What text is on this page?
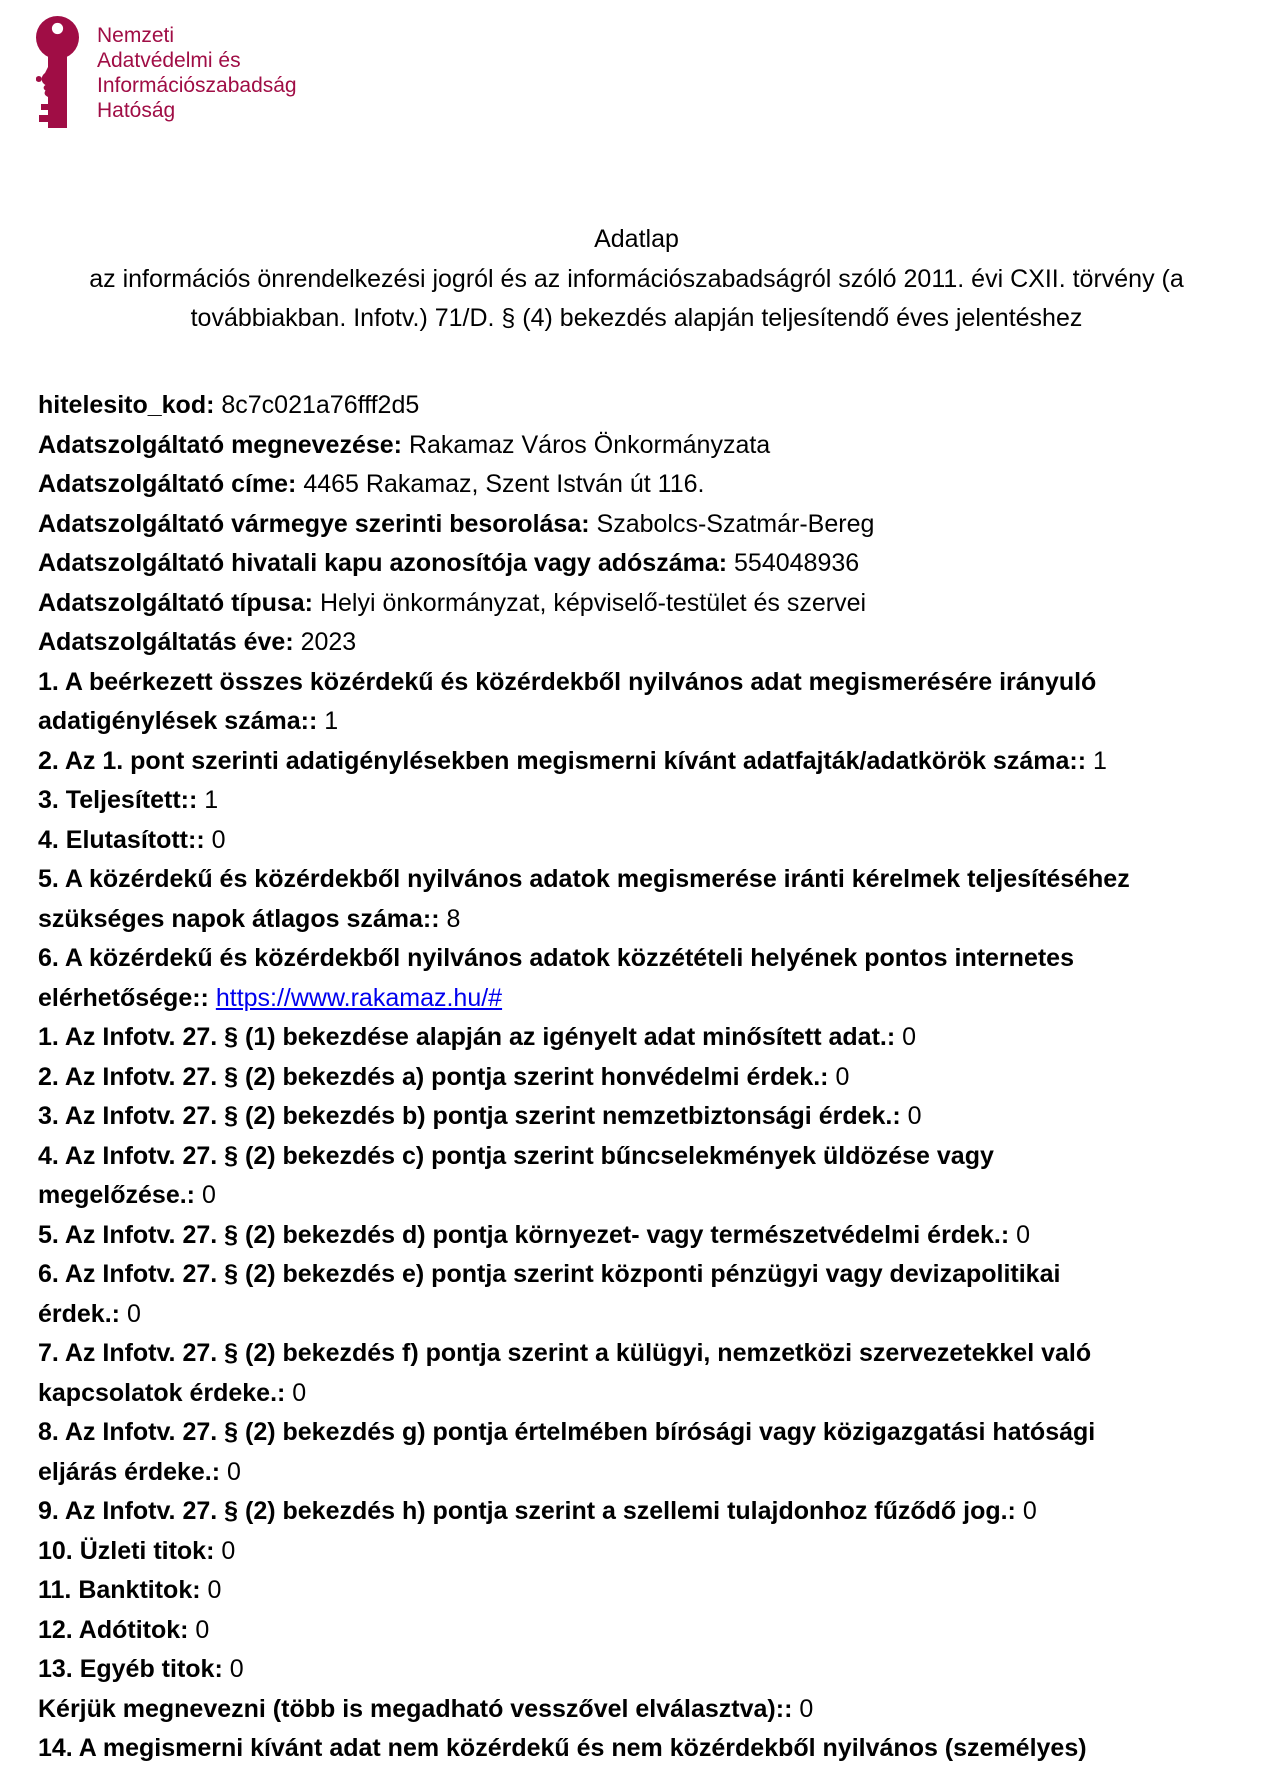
Nemzeti
Adatvédelmi és
Információszabadság
Hatóság
Adatlap
az információs önrendelkezési jogról és az információszabadságról szóló 2011. évi CXII. törvény (a
továbbiakban. Infotv.) 71/D. § (4) bekezdés alapján teljesítendő éves jelentéshez
hitelesito_kod: 8c7c021a76fff2d5
Adatszolgáltató megnevezése: Rakamaz Város Önkormányzata
Adatszolgáltató címe: 4465 Rakamaz, Szent István út 116.
Adatszolgáltató vármegye szerinti besorolása: Szabolcs-Szatmár-Bereg
Adatszolgáltató hivatali kapu azonosítója vagy adószáma: 554048936
Adatszolgáltató típusa: Helyi önkormányzat, képviselő-testület és szervei
Adatszolgáltatás éve: 2023
1. A beérkezett összes közérdekű és közérdekből nyilvános adat megismerésére irányuló
adatigénylések száma:: 1
2. Az 1. pont szerinti adatigénylésekben megismerni kívánt adatfajták/adatkörök száma:: 1
3. Teljesített:: 1
4. Elutasított:: 0
5. A közérdekű és közérdekből nyilvános adatok megismerése iránti kérelmek teljesítéséhez
szükséges napok átlagos száma:: 8
6. A közérdekű és közérdekből nyilvános adatok közzétételi helyének pontos internetes
elérhetősége:: https://www.rakamaz.hu/#
1. Az Infotv. 27. § (1) bekezdése alapján az igényelt adat minősített adat.: 0
2. Az Infotv. 27. § (2) bekezdés a) pontja szerint honvédelmi érdek.: 0
3. Az Infotv. 27. § (2) bekezdés b) pontja szerint nemzetbiztonsági érdek.: 0
4. Az Infotv. 27. § (2) bekezdés c) pontja szerint bűncselekmények üldözése vagy
megelőzése.: 0
5. Az Infotv. 27. § (2) bekezdés d) pontja környezet- vagy természetvédelmi érdek.: 0
6. Az Infotv. 27. § (2) bekezdés e) pontja szerint központi pénzügyi vagy devizapolitikai
érdek.: 0
7. Az Infotv. 27. § (2) bekezdés f) pontja szerint a külügyi, nemzetközi szervezetekkel való
kapcsolatok érdeke.: 0
8. Az Infotv. 27. § (2) bekezdés g) pontja értelmében bírósági vagy közigazgatási hatósági
eljárás érdeke.: 0
9. Az Infotv. 27. § (2) bekezdés h) pontja szerint a szellemi tulajdonhoz fűződő jog.: 0
10. Üzleti titok: 0
11. Banktitok: 0
12. Adótitok: 0
13. Egyéb titok: 0
Kérjük megnevezni (több is megadható vesszővel elválasztva):: 0
14. A megismerni kívánt adat nem közérdekű és nem közérdekből nyilvános (személyes)
